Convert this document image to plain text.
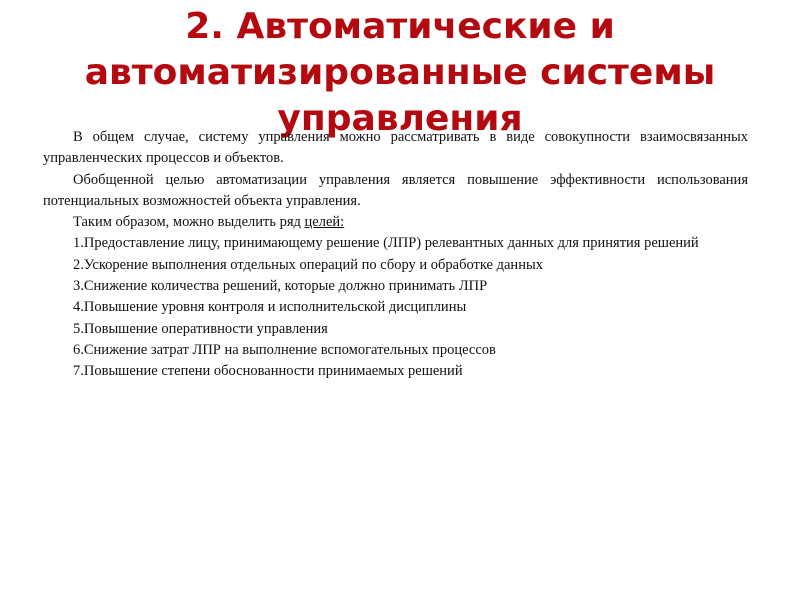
2. Автоматические и автоматизированные системы управления

В общем случае, систему управления можно рассматривать в виде совокупности взаимосвязанных управленческих процессов и объектов.

Обобщенной целью автоматизации управления является повышение эффективности использования потенциальных возможностей объекта управления.

Таким образом, можно выделить ряд целей:

1.Предоставление лицу, принимающему решение (ЛПР) релевантных данных для принятия решений

2.Ускорение выполнения отдельных операций по сбору и обработке данных

3.Снижение количества решений, которые должно принимать ЛПР

4.Повышение уровня контроля и исполнительской дисциплины

5.Повышение оперативности управления

6.Снижение затрат ЛПР на выполнение вспомогательных процессов

7.Повышение степени обоснованности принимаемых решений
